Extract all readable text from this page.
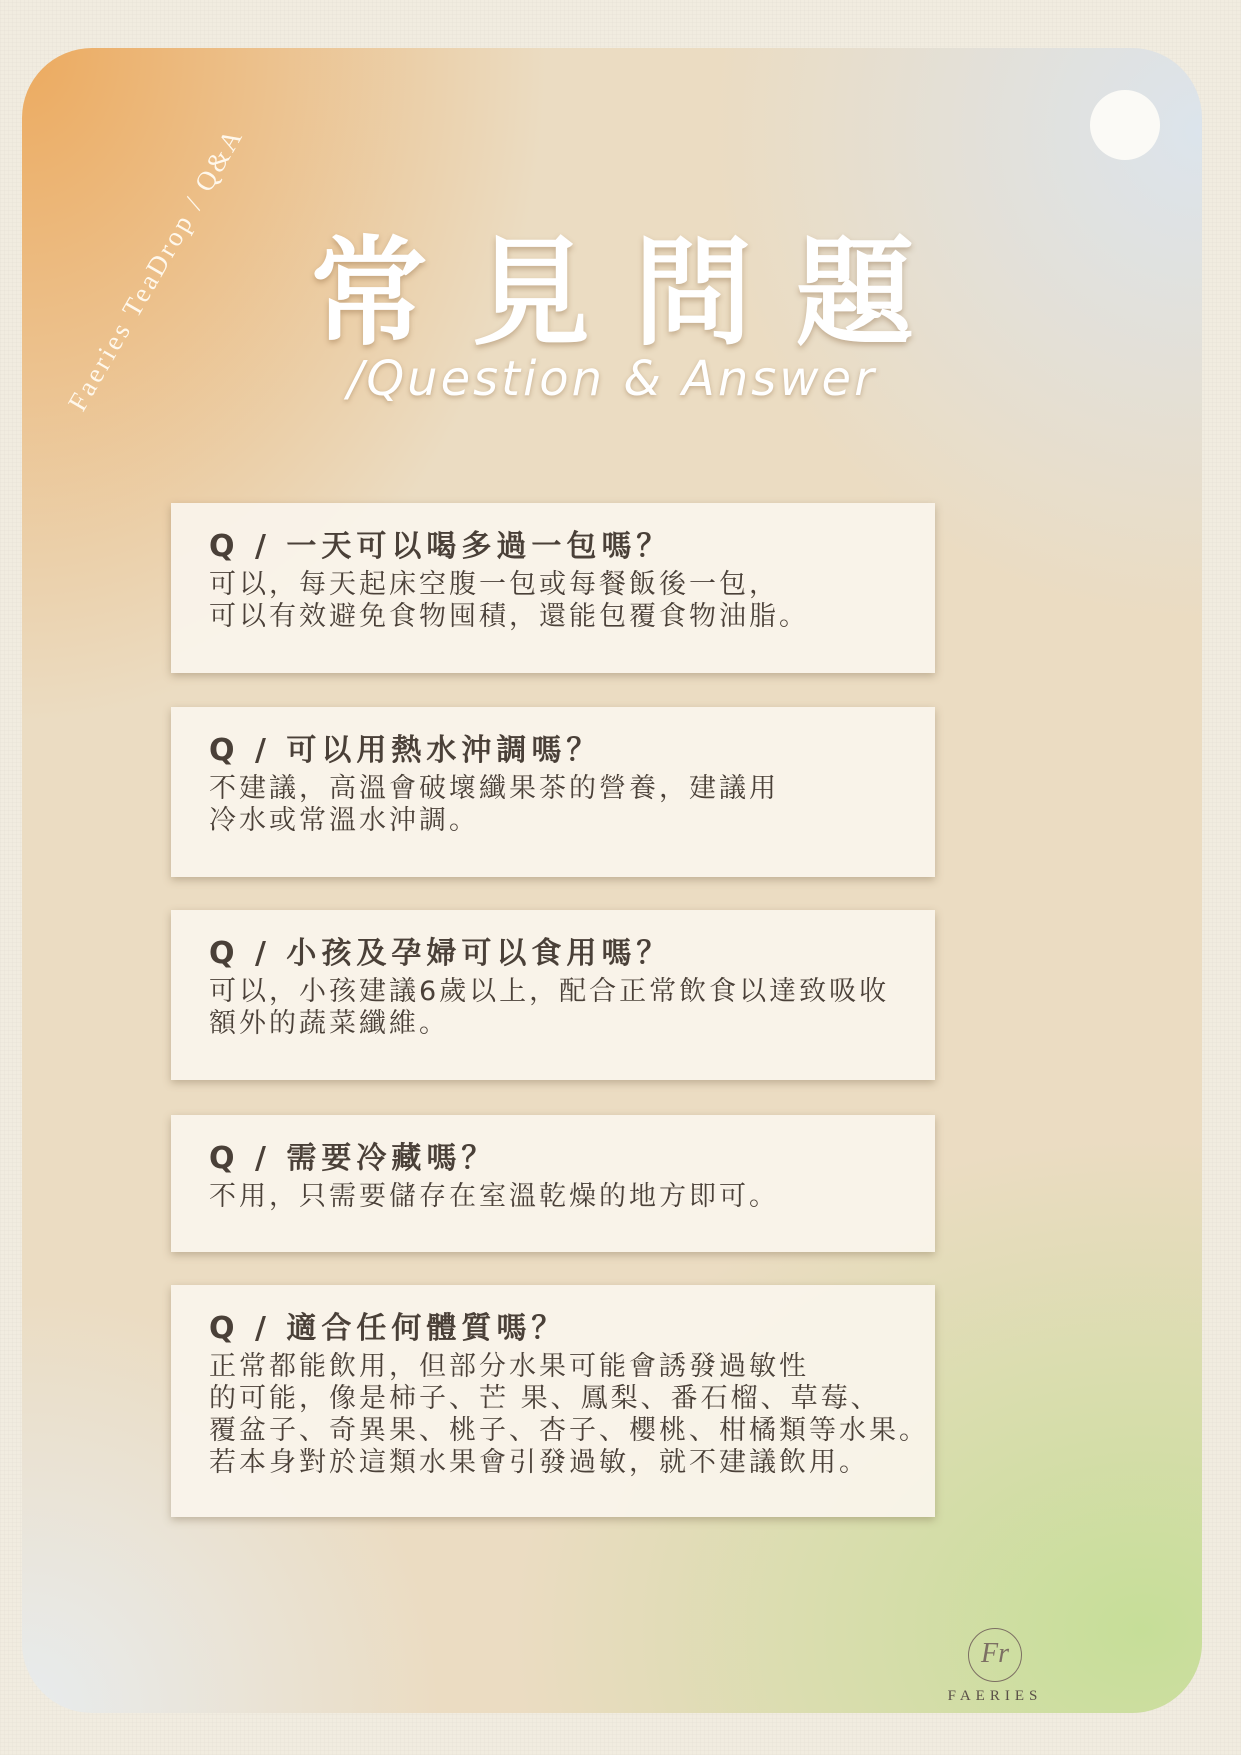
Faeries TeaDrop / Q&A 常見問題
/Question & Answer
Q / 一天可以喝多過一包嗎？
可以，每天起床空腹一包或每餐飯後一包，
可以有效避免食物囤積，還能包覆食物油脂。
Q / 可以用熱水沖調嗎？
不建議，高溫會破壞纖果茶的營養，建議用
冷水或常溫水沖調。
Q / 小孩及孕婦可以食用嗎？
可以，小孩建議6歲以上，配合正常飲食以達致吸收
額外的蔬菜纖維。
Q / 需要冷藏嗎？
不用，只需要儲存在室溫乾燥的地方即可。
Q / 適合任何體質嗎？
正常都能飲用，但部分水果可能會誘發過敏性
的可能，像是柿子、芒 果、鳳梨、番石榴、草莓、
覆盆子、奇異果、桃子、杏子、櫻桃、柑橘類等水果。
若本身對於這類水果會引發過敏，就不建議飲用。
Fr
FAERIES
